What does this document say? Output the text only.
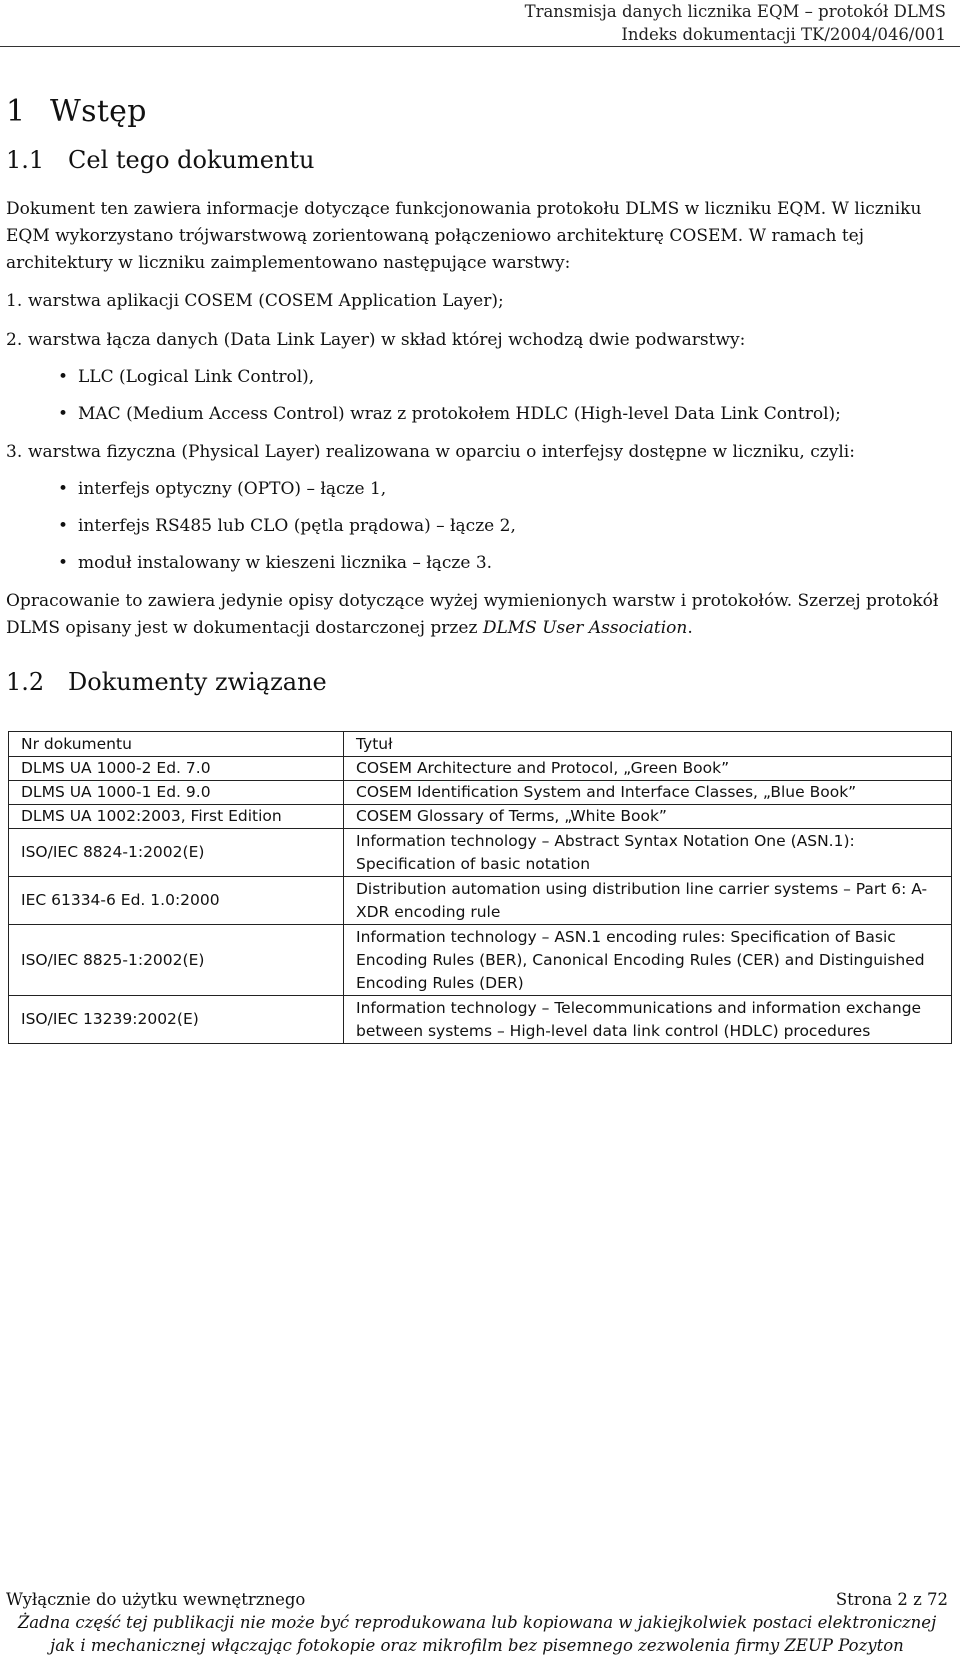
Transmisja danych licznika EQM – protokół DLMS
Indeks dokumentacji TK/2004/046/001
1 Wstęp
1.1 Cel tego dokumentu

Dokument ten zawiera informacje dotyczące funkcjonowania protokołu DLMS w liczniku EQM. W liczniku EQM wykorzystano trójwarstwową zorientowaną połączeniowo architekturę COSEM. W ramach tej architektury w liczniku zaimplementowano następujące warstwy:

1. warstwa aplikacji COSEM (COSEM Application Layer);
2. warstwa łącza danych (Data Link Layer) w skład której wchodzą dwie podwarstwy:
• LLC (Logical Link Control),
• MAC (Medium Access Control) wraz z protokołem HDLC (High-level Data Link Control);
3. warstwa fizyczna (Physical Layer) realizowana w oparciu o interfejsy dostępne w liczniku, czyli:
• interfejs optyczny (OPTO) – łącze 1,
• interfejs RS485 lub CLO (pętla prądowa) – łącze 2,
• moduł instalowany w kieszeni licznika – łącze 3.

Opracowanie to zawiera jedynie opisy dotyczące wyżej wymienionych warstw i protokołów. Szerzej protokół DLMS opisany jest w dokumentacji dostarczonej przez DLMS User Association.

1.2 Dokumenty związane
Nr dokumentu	Tytuł
DLMS UA 1000-2 Ed. 7.0	COSEM Architecture and Protocol, „Green Book”
DLMS UA 1000-1 Ed. 9.0	COSEM Identification System and Interface Classes, „Blue Book”
DLMS UA 1002:2003, First Edition	COSEM Glossary of Terms, „White Book”
ISO/IEC 8824-1:2002(E)	Information technology – Abstract Syntax Notation One (ASN.1): Specification of basic notation
IEC 61334-6 Ed. 1.0:2000	Distribution automation using distribution line carrier systems – Part 6: A-XDR encoding rule
ISO/IEC 8825-1:2002(E)	Information technology – ASN.1 encoding rules: Specification of Basic Encoding Rules (BER), Canonical Encoding Rules (CER) and Distinguished Encoding Rules (DER)
ISO/IEC 13239:2002(E)	Information technology – Telecommunications and information exchange between systems – High-level data link control (HDLC) procedures
Wyłącznie do użytku wewnętrznego	Strona 2 z 72
Żadna część tej publikacji nie może być reprodukowana lub kopiowana w jakiejkolwiek postaci elektronicznej
jak i mechanicznej włączając fotokopie oraz mikrofilm bez pisemnego zezwolenia firmy ZEUP Pozyton
